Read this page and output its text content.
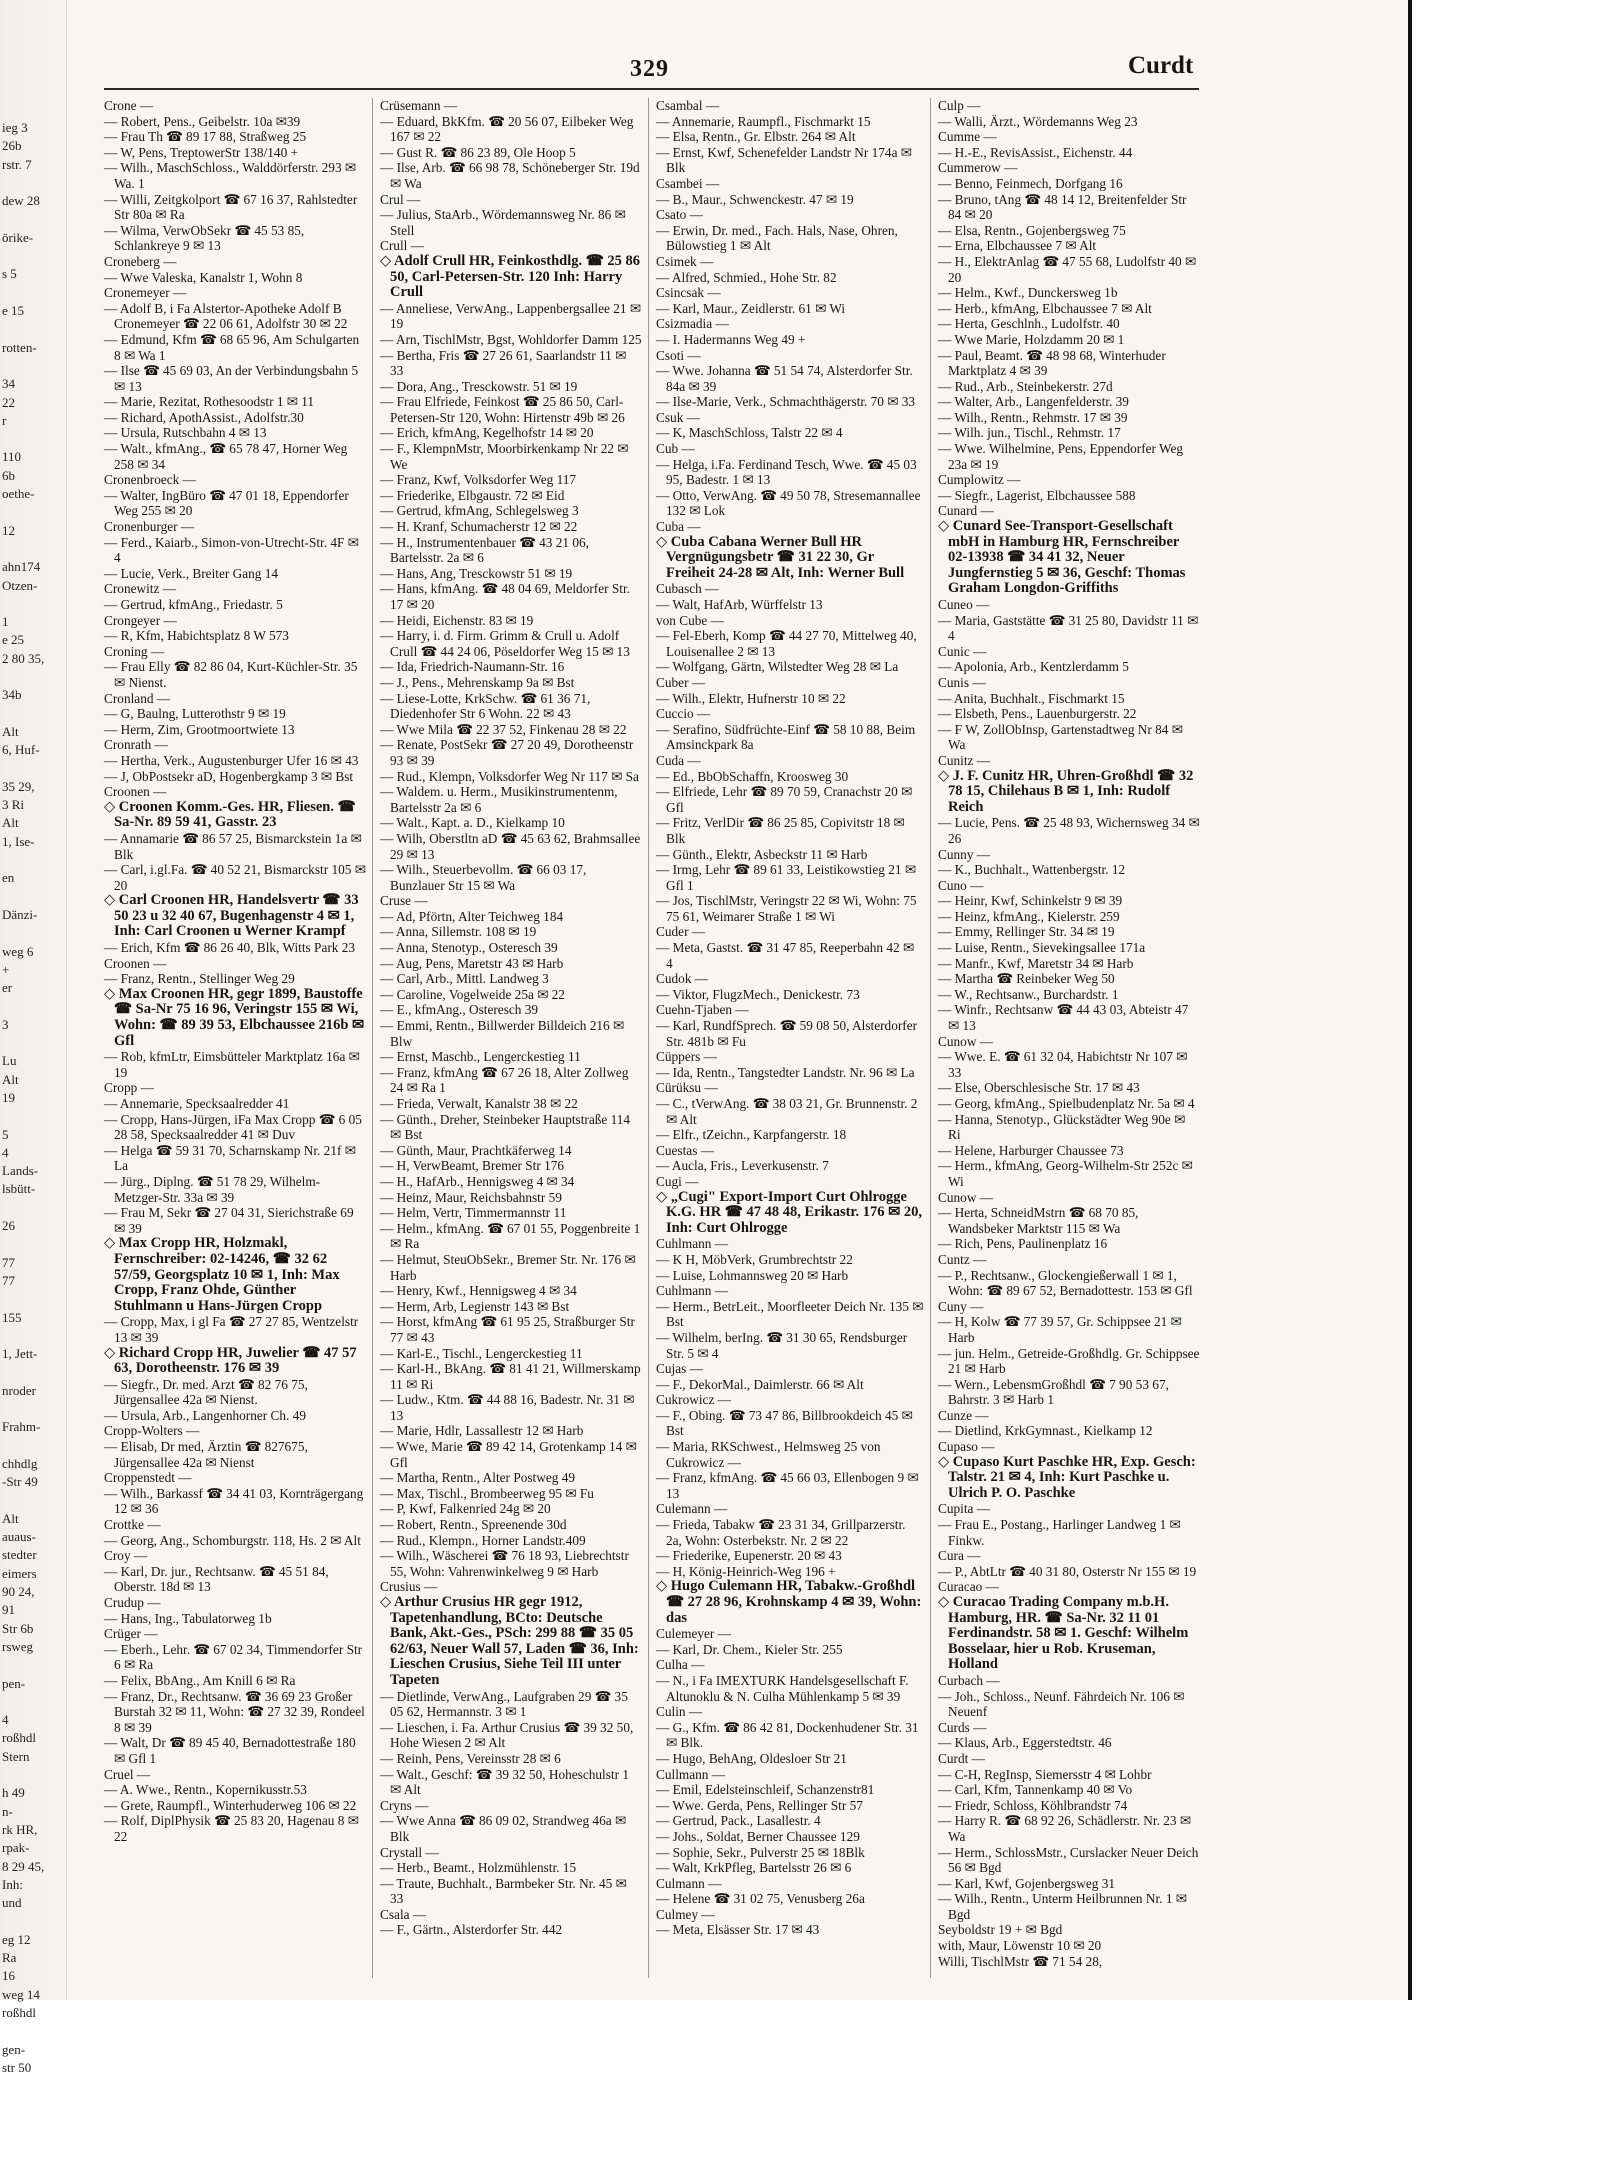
ieg 3
26b
rstr. 7
dew 28
örike-
s 5
e 15
rotten-
34
22
r
110
6b
oethe-
12
ahn174
Otzen-
1
e 25
2 80 35,
34b
Alt
6, Huf-
35 29,
3 Ri
Alt
1, Ise-
en
Dänzi-
weg 6
+
er
3
Lu
Alt
19
5
4
Lands-
lsbütt-
26
77
77
155
1, Jett-
nroder
Frahm-
chhdlg
-Str 49
Alt
auaus-
stedter
eimers
90 24,
91
Str 6b
rsweg
pen-
4
roßhdl
Stern
h 49
n-
rk HR,
rpak-
8 29 45,
Inh:
und
eg 12
Ra
16
weg 14
roßhdl
gen-
str 50
329	Curdt

Crone —

— Robert, Pens., Geibelstr. 10a ✉39

— Frau Th ☎ 89 17 88, Straßweg 25

— W, Pens, TreptowerStr 138/140 +

— Wilh., MaschSchloss., Walddörferstr. 293 ✉ Wa. 1

— Willi, Zeitgkolport ☎ 67 16 37, Rahlstedter Str 80a ✉ Ra

— Wilma, VerwObSekr ☎ 45 53 85, Schlankreye 9 ✉ 13

Croneberg —

— Wwe Valeska, Kanalstr 1, Wohn 8

Cronemeyer —

— Adolf B, i Fa Alstertor-Apotheke Adolf B Cronemeyer ☎ 22 06 61, Adolfstr 30 ✉ 22

— Edmund, Kfm ☎ 68 65 96, Am Schulgarten 8 ✉ Wa 1

— Ilse ☎ 45 69 03, An der Verbindungsbahn 5 ✉ 13

— Marie, Rezitat, Rothesoodstr 1 ✉ 11

— Richard, ApothAssist., Adolfstr.30

— Ursula, Rutschbahn 4 ✉ 13

— Walt., kfmAng., ☎ 65 78 47, Horner Weg 258 ✉ 34

Cronenbroeck —

— Walter, IngBüro ☎ 47 01 18, Eppendorfer Weg 255 ✉ 20

Cronenburger —

— Ferd., Kaiarb., Simon-von-Utrecht-Str. 4F ✉ 4

— Lucie, Verk., Breiter Gang 14

Cronewitz —

— Gertrud, kfmAng., Friedastr. 5

Crongeyer —

— R, Kfm, Habichtsplatz 8 W 573

Croning —

— Frau Elly ☎ 82 86 04, Kurt-Küchler-Str. 35 ✉ Nienst.

Cronland —

— G, Baulng, Lutterothstr 9 ✉ 19

— Herm, Zim, Grootmoortwiete 13

Cronrath —

— Hertha, Verk., Augustenburger Ufer 16 ✉ 43

— J, ObPostsekr aD, Hogenbergkamp 3 ✉ Bst

Croonen —

◇ Croonen Komm.-Ges. HR, Fliesen. ☎ Sa-Nr. 89 59 41, Gasstr. 23

— Annamarie ☎ 86 57 25, Bismarckstein 1a ✉ Blk

— Carl, i.gl.Fa. ☎ 40 52 21, Bismarckstr 105 ✉ 20

◇ Carl Croonen HR, Handelsvertr ☎ 33 50 23 u 32 40 67, Bugenhagenstr 4 ✉ 1, Inh: Carl Croonen u Werner Krampf

— Erich, Kfm ☎ 86 26 40, Blk, Witts Park 23

Croonen —

— Franz, Rentn., Stellinger Weg 29

◇ Max Croonen HR, gegr 1899, Baustoffe ☎ Sa-Nr 75 16 96, Veringstr 155 ✉ Wi, Wohn: ☎ 89 39 53, Elbchaussee 216b ✉ Gfl

— Rob, kfmLtr, Eimsbütteler Marktplatz 16a ✉ 19

Cropp —

— Annemarie, Specksaalredder 41

— Cropp, Hans-Jürgen, iFa Max Cropp ☎ 6 05 28 58, Specksaalredder 41 ✉ Duv

— Helga ☎ 59 31 70, Scharnskamp Nr. 21f ✉ La

— Jürg., Diplng. ☎ 51 78 29, Wilhelm-Metzger-Str. 33a ✉ 39

— Frau M, Sekr ☎ 27 04 31, Sierichstraße 69 ✉ 39

◇ Max Cropp HR, Holzmakl, Fernschreiber: 02-14246, ☎ 32 62 57/59, Georgsplatz 10 ✉ 1, Inh: Max Cropp, Franz Ohde, Günther Stuhlmann u Hans-Jürgen Cropp

— Cropp, Max, i gl Fa ☎ 27 27 85, Wentzelstr 13 ✉ 39

◇ Richard Cropp HR, Juwelier ☎ 47 57 63, Dorotheenstr. 176 ✉ 39

— Siegfr., Dr. med. Arzt ☎ 82 76 75, Jürgensallee 42a ✉ Nienst.

— Ursula, Arb., Langenhorner Ch. 49

Cropp-Wolters —

— Elisab, Dr med, Ärztin ☎ 827675, Jürgensallee 42a ✉ Nienst

Croppenstedt —

— Wilh., Barkassf ☎ 34 41 03, Kornträgergang 12 ✉ 36

Crottke —

— Georg, Ang., Schomburgstr. 118, Hs. 2 ✉ Alt

Croy —

— Karl, Dr. jur., Rechtsanw. ☎ 45 51 84, Oberstr. 18d ✉ 13

Crudup —

— Hans, Ing., Tabulatorweg 1b

Crüger —

— Eberh., Lehr. ☎ 67 02 34, Timmendorfer Str 6 ✉ Ra

— Felix, BbAng., Am Knill 6 ✉ Ra

— Franz, Dr., Rechtsanw. ☎ 36 69 23 Großer Burstah 32 ✉ 11, Wohn: ☎ 27 32 39, Rondeel 8 ✉ 39

— Walt, Dr ☎ 89 45 40, Bernadottestraße 180 ✉ Gfl 1

Cruel —

— A. Wwe., Rentn., Kopernikusstr.53

— Grete, Raumpfl., Winterhuderweg 106 ✉ 22

— Rolf, DiplPhysik ☎ 25 83 20, Hagenau 8 ✉ 22

Crüsemann —

— Eduard, BkKfm. ☎ 20 56 07, Eilbeker Weg 167 ✉ 22

— Gust R. ☎ 86 23 89, Ole Hoop 5

— Ilse, Arb. ☎ 66 98 78, Schöneberger Str. 19d ✉ Wa

Crul —

— Julius, StaArb., Wördemannsweg Nr. 86 ✉ Stell

Crull —

◇ Adolf Crull HR, Feinkosthdlg. ☎ 25 86 50, Carl-Petersen-Str. 120 Inh: Harry Crull

— Anneliese, VerwAng., Lappenbergsallee 21 ✉ 19

— Arn, TischlMstr, Bgst, Wohldorfer Damm 125

— Bertha, Fris ☎ 27 26 61, Saarlandstr 11 ✉ 33

— Dora, Ang., Tresckowstr. 51 ✉ 19

— Frau Elfriede, Feinkost ☎ 25 86 50, Carl-Petersen-Str 120, Wohn: Hirtenstr 49b ✉ 26

— Erich, kfmAng, Kegelhofstr 14 ✉ 20

— F., KlempnMstr, Moorbirkenkamp Nr 22 ✉ We

— Franz, Kwf, Volksdorfer Weg 117

— Friederike, Elbgaustr. 72 ✉ Eid

— Gertrud, kfmAng, Schlegelsweg 3

— H. Kranf, Schumacherstr 12 ✉ 22

— H., Instrumentenbauer ☎ 43 21 06, Bartelsstr. 2a ✉ 6

— Hans, Ang, Tresckowstr 51 ✉ 19

— Hans, kfmAng. ☎ 48 04 69, Meldorfer Str. 17 ✉ 20

— Heidi, Eichenstr. 83 ✉ 19

— Harry, i. d. Firm. Grimm & Crull u. Adolf Crull ☎ 44 24 06, Pöseldorfer Weg 15 ✉ 13

— Ida, Friedrich-Naumann-Str. 16

— J., Pens., Mehrenskamp 9a ✉ Bst

— Liese-Lotte, KrkSchw. ☎ 61 36 71, Diedenhofer Str 6 Wohn. 22 ✉ 43

— Wwe Mila ☎ 22 37 52, Finkenau 28 ✉ 22

— Renate, PostSekr ☎ 27 20 49, Dorotheenstr 93 ✉ 39

— Rud., Klempn, Volksdorfer Weg Nr 117 ✉ Sa

— Waldem. u. Herm., Musikinstrumentenm, Bartelsstr 2a ✉ 6

— Walt., Kapt. a. D., Kielkamp 10

— Wilh, Oberstltn aD ☎ 45 63 62, Brahmsallee 29 ✉ 13

— Wilh., Steuerbevollm. ☎ 66 03 17, Bunzlauer Str 15 ✉ Wa

Cruse —

— Ad, Pförtn, Alter Teichweg 184

— Anna, Sillemstr. 108 ✉ 19

— Anna, Stenotyp., Osteresch 39

— Aug, Pens, Maretstr 43 ✉ Harb

— Carl, Arb., Mittl. Landweg 3

— Caroline, Vogelweide 25a ✉ 22

— E., kfmAng., Osteresch 39

— Emmi, Rentn., Billwerder Billdeich 216 ✉ Blw

— Ernst, Maschb., Lengerckestieg 11

— Franz, kfmAng ☎ 67 26 18, Alter Zollweg 24 ✉ Ra 1

— Frieda, Verwalt, Kanalstr 38 ✉ 22

— Günth., Dreher, Steinbeker Hauptstraße 114 ✉ Bst

— Günth, Maur, Prachtkäferweg 14

— H, VerwBeamt, Bremer Str 176

— H., HafArb., Hennigsweg 4 ✉ 34

— Heinz, Maur, Reichsbahnstr 59

— Helm, Vertr, Timmermannstr 11

— Helm., kfmAng. ☎ 67 01 55, Poggenbreite 1 ✉ Ra

— Helmut, SteuObSekr., Bremer Str. Nr. 176 ✉ Harb

— Henry, Kwf., Hennigsweg 4 ✉ 34

— Herm, Arb, Legienstr 143 ✉ Bst

— Horst, kfmAng ☎ 61 95 25, Straßburger Str 77 ✉ 43

— Karl-E., Tischl., Lengerckestieg 11

— Karl-H., BkAng. ☎ 81 41 21, Willmerskamp 11 ✉ Ri

— Ludw., Ktm. ☎ 44 88 16, Badestr. Nr. 31 ✉ 13

— Marie, Hdlr, Lassallestr 12 ✉ Harb

— Wwe, Marie ☎ 89 42 14, Grotenkamp 14 ✉ Gfl

— Martha, Rentn., Alter Postweg 49

— Max, Tischl., Brombeerweg 95 ✉ Fu

— P, Kwf, Falkenried 24g ✉ 20

— Robert, Rentn., Spreenende 30d

— Rud., Klempn., Horner Landstr.409

— Wilh., Wäscherei ☎ 76 18 93, Liebrechtstr 55, Wohn: Vahrenwinkelweg 9 ✉ Harb

Crusius —

◇ Arthur Crusius HR gegr 1912, Tapetenhandlung, BCto: Deutsche Bank, Akt.-Ges., PSch: 299 88 ☎ 35 05 62/63, Neuer Wall 57, Laden ☎ 36, Inh: Lieschen Crusius, Siehe Teil III unter Tapeten

— Dietlinde, VerwAng., Laufgraben 29 ☎ 35 05 62, Hermannstr. 3 ✉ 1

— Lieschen, i. Fa. Arthur Crusius ☎ 39 32 50, Hohe Wiesen 2 ✉ Alt

— Reinh, Pens, Vereinsstr 28 ✉ 6

— Walt., Geschf: ☎ 39 32 50, Hoheschulstr 1 ✉ Alt

Cryns —

— Wwe Anna ☎ 86 09 02, Strandweg 46a ✉ Blk

Crystall —

— Herb., Beamt., Holzmühlenstr. 15

— Traute, Buchhalt., Barmbeker Str. Nr. 45 ✉ 33

Csala —

— F., Gärtn., Alsterdorfer Str. 442

Csambal —

— Annemarie, Raumpfl., Fischmarkt 15

— Elsa, Rentn., Gr. Elbstr. 264 ✉ Alt

— Ernst, Kwf, Schenefelder Landstr Nr 174a ✉ Blk

Csambei —

— B., Maur., Schwenckestr. 47 ✉ 19

Csato —

— Erwin, Dr. med., Fach. Hals, Nase, Ohren, Bülowstieg 1 ✉ Alt

Csimek —

— Alfred, Schmied., Hohe Str. 82

Csincsak —

— Karl, Maur., Zeidlerstr. 61 ✉ Wi

Csizmadia —

— I. Hadermanns Weg 49 +

Csoti —

— Wwe. Johanna ☎ 51 54 74, Alsterdorfer Str. 84a ✉ 39

— Ilse-Marie, Verk., Schmachthägerstr. 70 ✉ 33

Csuk —

— K, MaschSchloss, Talstr 22 ✉ 4

Cub —

— Helga, i.Fa. Ferdinand Tesch, Wwe. ☎ 45 03 95, Badestr. 1 ✉ 13

— Otto, VerwAng. ☎ 49 50 78, Stresemannallee 132 ✉ Lok

Cuba —

◇ Cuba Cabana Werner Bull HR Vergnügungsbetr ☎ 31 22 30, Gr Freiheit 24-28 ✉ Alt, Inh: Werner Bull

Cubasch —

— Walt, HafArb, Würffelstr 13

von Cube —

— Fel-Eberh, Komp ☎ 44 27 70, Mittelweg 40, Louisenallee 2 ✉ 13

— Wolfgang, Gärtn, Wilstedter Weg 28 ✉ La

Cuber —

— Wilh., Elektr, Hufnerstr 10 ✉ 22

Cuccio —

— Serafino, Südfrüchte-Einf ☎ 58 10 88, Beim Amsinckpark 8a

Cuda —

— Ed., BbObSchaffn, Kroosweg 30

— Elfriede, Lehr ☎ 89 70 59, Cranachstr 20 ✉ Gfl

— Fritz, VerlDir ☎ 86 25 85, Copivitstr 18 ✉ Blk

— Günth., Elektr, Asbeckstr 11 ✉ Harb

— Irmg, Lehr ☎ 89 61 33, Leistikowstieg 21 ✉ Gfl 1

— Jos, TischlMstr, Veringstr 22 ✉ Wi, Wohn: 75 75 61, Weimarer Straße 1 ✉ Wi

Cuder —

— Meta, Gastst. ☎ 31 47 85, Reeperbahn 42 ✉ 4

Cudok —

— Viktor, FlugzMech., Denickestr. 73

Cuehn-Tjaben —

— Karl, RundfSprech. ☎ 59 08 50, Alsterdorfer Str. 481b ✉ Fu

Cüppers —

— Ida, Rentn., Tangstedter Landstr. Nr. 96 ✉ La

Cürüksu —

— C., tVerwAng. ☎ 38 03 21, Gr. Brunnenstr. 2 ✉ Alt

— Elfr., tZeichn., Karpfangerstr. 18

Cuestas —

— Aucla, Fris., Leverkusenstr. 7

Cugi —

◇ „Cugi" Export-Import Curt Ohlrogge K.G. HR ☎ 47 48 48, Erikastr. 176 ✉ 20, Inh: Curt Ohlrogge

Cuhlmann —

— K H, MöbVerk, Grumbrechtstr 22

— Luise, Lohmannsweg 20 ✉ Harb

Cuhlmann —

— Herm., BetrLeit., Moorfleeter Deich Nr. 135 ✉ Bst

— Wilhelm, berIng. ☎ 31 30 65, Rendsburger Str. 5 ✉ 4

Cujas —

— F., DekorMal., Daimlerstr. 66 ✉ Alt

Cukrowicz —

— F., Obing. ☎ 73 47 86, Billbrookdeich 45 ✉ Bst

— Maria, RKSchwest., Helmsweg 25 von Cukrowicz —

— Franz, kfmAng. ☎ 45 66 03, Ellenbogen 9 ✉ 13

Culemann —

— Frieda, Tabakw ☎ 23 31 34, Grillparzerstr. 2a, Wohn: Osterbekstr. Nr. 2 ✉ 22

— Friederike, Eupenerstr. 20 ✉ 43

— H, König-Heinrich-Weg 196 +

◇ Hugo Culemann HR, Tabakw.-Großhdl ☎ 27 28 96, Krohnskamp 4 ✉ 39, Wohn: das

Culemeyer —

— Karl, Dr. Chem., Kieler Str. 255

Culha —

— N., i Fa IMEXTURK Handelsgesellschaft F. Altunoklu & N. Culha Mühlenkamp 5 ✉ 39

Culin —

— G., Kfm. ☎ 86 42 81, Dockenhudener Str. 31 ✉ Blk.

— Hugo, BehAng, Oldesloer Str 21

Cullmann —

— Emil, Edelsteinschleif, Schanzenstr81

— Wwe. Gerda, Pens, Rellinger Str 57

— Gertrud, Pack., Lasallestr. 4

— Johs., Soldat, Berner Chaussee 129

— Sophie, Sekr., Pulverstr 25 ✉ 18Blk

— Walt, KrkPfleg, Bartelsstr 26 ✉ 6

Culmann —

— Helene ☎ 31 02 75, Venusberg 26a

Culmey —

— Meta, Elsässer Str. 17 ✉ 43

Culp —

— Walli, Ärzt., Wördemanns Weg 23

Cumme —

— H.-E., RevisAssist., Eichenstr. 44

Cummerow —

— Benno, Feinmech, Dorfgang 16

— Bruno, tAng ☎ 48 14 12, Breitenfelder Str 84 ✉ 20

— Elsa, Rentn., Gojenbergsweg 75

— Erna, Elbchaussee 7 ✉ Alt

— H., ElektrAnlag ☎ 47 55 68, Ludolfstr 40 ✉ 20

— Helm., Kwf., Dunckersweg 1b

— Herb., kfmAng, Elbchaussee 7 ✉ Alt

— Herta, Geschlnh., Ludolfstr. 40

— Wwe Marie, Holzdamm 20 ✉ 1

— Paul, Beamt. ☎ 48 98 68, Winterhuder Marktplatz 4 ✉ 39

— Rud., Arb., Steinbekerstr. 27d

— Walter, Arb., Langenfelderstr. 39

— Wilh., Rentn., Rehmstr. 17 ✉ 39

— Wilh. jun., Tischl., Rehmstr. 17

— Wwe. Wilhelmine, Pens, Eppendorfer Weg 23a ✉ 19

Cumplowitz —

— Siegfr., Lagerist, Elbchaussee 588

Cunard —

◇ Cunard See-Transport-Gesellschaft mbH in Hamburg HR, Fernschreiber 02-13938 ☎ 34 41 32, Neuer Jungfernstieg 5 ✉ 36, Geschf: Thomas Graham Longdon-Griffiths

Cuneo —

— Maria, Gaststätte ☎ 31 25 80, Davidstr 11 ✉ 4

Cunic —

— Apolonia, Arb., Kentzlerdamm 5

Cunis —

— Anita, Buchhalt., Fischmarkt 15

— Elsbeth, Pens., Lauenburgerstr. 22

— F W, ZollObInsp, Gartenstadtweg Nr 84 ✉ Wa

Cunitz —

◇ J. F. Cunitz HR, Uhren-Großhdl ☎ 32 78 15, Chilehaus B ✉ 1, Inh: Rudolf Reich

— Lucie, Pens. ☎ 25 48 93, Wichernsweg 34 ✉ 26

Cunny —

— K., Buchhalt., Wattenbergstr. 12

Cuno —

— Heinr, Kwf, Schinkelstr 9 ✉ 39

— Heinz, kfmAng., Kielerstr. 259

— Emmy, Rellinger Str. 34 ✉ 19

— Luise, Rentn., Sievekingsallee 171a

— Manfr., Kwf, Maretstr 34 ✉ Harb

— Martha ☎ Reinbeker Weg 50

— W., Rechtsanw., Burchardstr. 1

— Winfr., Rechtsanw ☎ 44 43 03, Abteistr 47 ✉ 13

Cunow —

— Wwe. E. ☎ 61 32 04, Habichtstr Nr 107 ✉ 33

— Else, Oberschlesische Str. 17 ✉ 43

— Georg, kfmAng., Spielbudenplatz Nr. 5a ✉ 4

— Hanna, Stenotyp., Glückstädter Weg 90e ✉ Ri

— Helene, Harburger Chaussee 73

— Herm., kfmAng, Georg-Wilhelm-Str 252c ✉ Wi

Cunow —

— Herta, SchneidMstrn ☎ 68 70 85, Wandsbeker Marktstr 115 ✉ Wa

— Rich, Pens, Paulinenplatz 16

Cuntz —

— P., Rechtsanw., Glockengießerwall 1 ✉ 1, Wohn: ☎ 89 67 52, Bernadottestr. 153 ✉ Gfl

Cuny —

— H, Kolw ☎ 77 39 57, Gr. Schippsee 21 ✉ Harb

— jun. Helm., Getreide-Großhdlg. Gr. Schippsee 21 ✉ Harb

— Wern., LebensmGroßhdl ☎ 7 90 53 67, Bahrstr. 3 ✉ Harb 1

Cunze —

— Dietlind, KrkGymnast., Kielkamp 12

Cupaso —

◇ Cupaso Kurt Paschke HR, Exp. Gesch: Talstr. 21 ✉ 4, Inh: Kurt Paschke u. Ulrich P. O. Paschke

Cupita —

— Frau E., Postang., Harlinger Landweg 1 ✉ Finkw.

Cura —

— P., AbtLtr ☎ 40 31 80, Osterstr Nr 155 ✉ 19

Curacao —

◇ Curacao Trading Company m.b.H. Hamburg, HR. ☎ Sa-Nr. 32 11 01 Ferdinandstr. 58 ✉ 1. Geschf: Wilhelm Bosselaar, hier u Rob. Kruseman, Holland

Curbach —

— Joh., Schloss., Neunf. Fährdeich Nr. 106 ✉ Neuenf

Curds —

— Klaus, Arb., Eggerstedtstr. 46

Curdt —

— C-H, RegInsp, Siemersstr 4 ✉ Lohbr

— Carl, Kfm, Tannenkamp 40 ✉ Vo

— Friedr, Schloss, Köhlbrandstr 74

— Harry R. ☎ 68 92 26, Schädlerstr. Nr. 23 ✉ Wa

— Herm., SchlossMstr., Curslacker Neuer Deich 56 ✉ Bgd

— Karl, Kwf, Gojenbergsweg 31

— Wilh., Rentn., Unterm Heilbrunnen Nr. 1 ✉ Bgd

Seyboldstr 19 + ✉ Bgd

with, Maur, Löwenstr 10 ✉ 20

Willi, TischlMstr ☎ 71 54 28,
